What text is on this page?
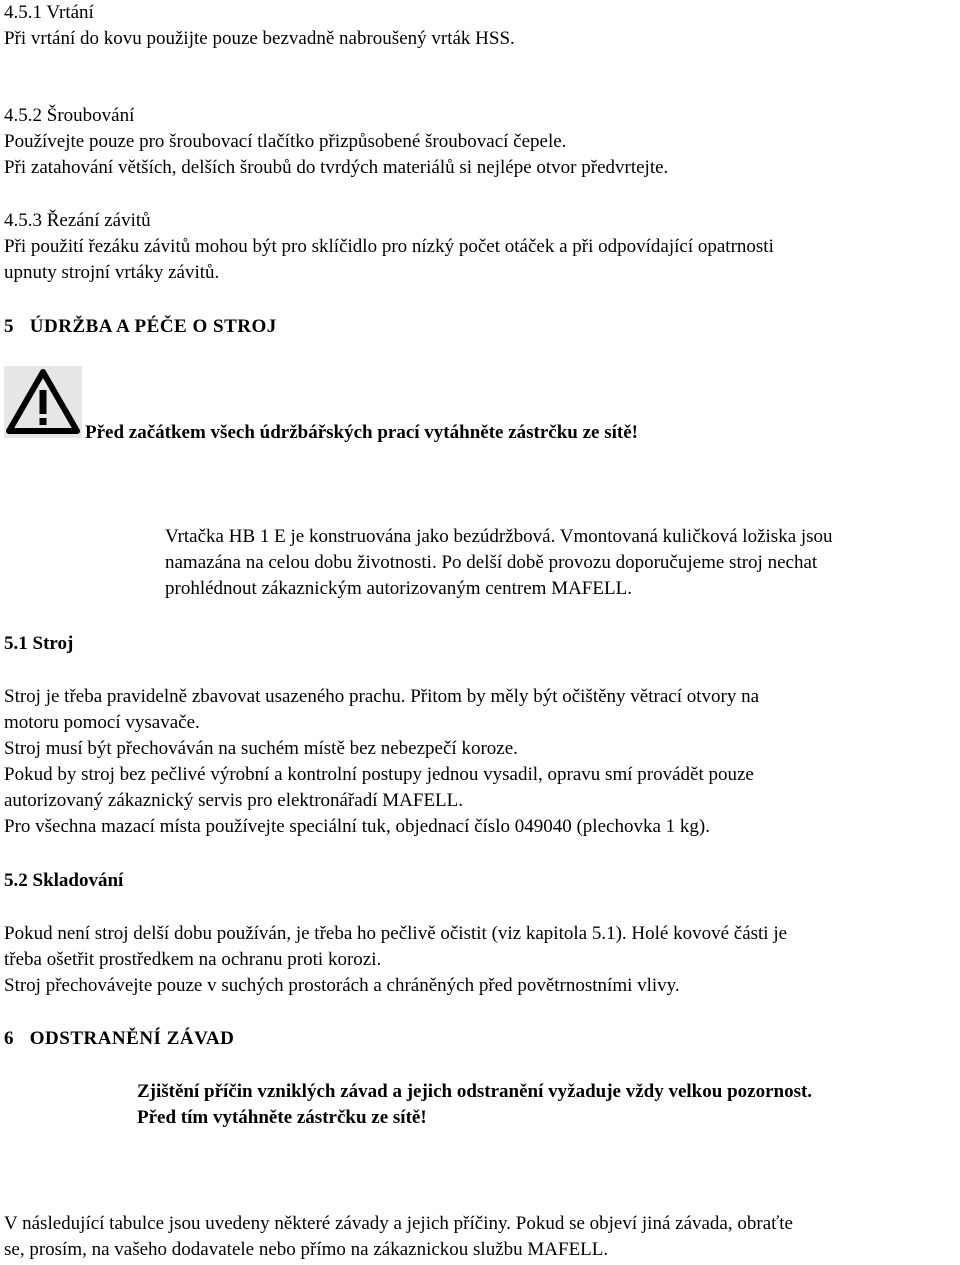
4.5.1 Vrtání
Při vrtání do kovu použijte pouze bezvadně nabroušený vrták HSS.
4.5.2 Šroubování
Používejte pouze pro šroubovací tlačítko přizpůsobené šroubovací čepele.
Při zatahování větších, delších šroubů do tvrdých materiálů si nejlépe otvor předvrtejte.
4.5.3 Řezání závitů
Při použití řezáku závitů mohou být pro sklíčidlo pro nízký počet otáček a při odpovídající opatrnosti
upnuty strojní vrtáky závitů.
5   ÚDRŽBA A PÉČE O STROJ
Před začátkem všech údržbářských prací vytáhněte zástrčku ze sítě!
Vrtačka HB 1 E je konstruována jako bezúdržbová. Vmontovaná kuličková ložiska jsou
namazána na celou dobu životnosti. Po delší době provozu doporučujeme stroj nechat
prohlédnout zákaznickým autorizovaným centrem MAFELL.
5.1 Stroj
Stroj je třeba pravidelně zbavovat usazeného prachu. Přitom by měly být očištěny větrací otvory na
motoru pomocí vysavače.
Stroj musí být přechováván na suchém místě bez nebezpečí koroze.
Pokud by stroj bez pečlivé výrobní a kontrolní postupy jednou vysadil, opravu smí provádět pouze
autorizovaný zákaznický servis pro elektronářadí MAFELL.
Pro všechna mazací místa používejte speciální tuk, objednací číslo 049040 (plechovka 1 kg).
5.2 Skladování
Pokud není stroj delší dobu používán, je třeba ho pečlivě očistit (viz kapitola 5.1). Holé kovové části je
třeba ošetřit prostředkem na ochranu proti korozi.
Stroj přechovávejte pouze v suchých prostorách a chráněných před povětrnostními vlivy.
6   ODSTRANĚNÍ ZÁVAD
Zjištění příčin vzniklých závad a jejich odstranění vyžaduje vždy velkou pozornost.
Před tím vytáhněte zástrčku ze sítě!
V následující tabulce jsou uvedeny některé závady a jejich příčiny. Pokud se objeví jiná závada, obraťte
se, prosím, na vašeho dodavatele nebo přímo na zákaznickou službu MAFELL.
